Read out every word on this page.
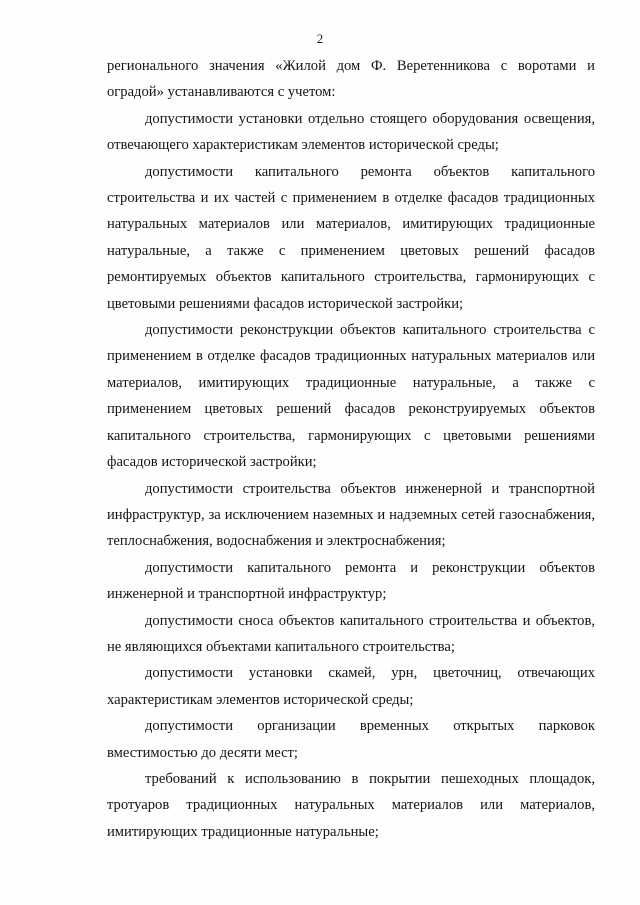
2

регионального значения «Жилой дом Ф. Веретенникова с воротами и оградой» устанавливаются с учетом:

допустимости установки отдельно стоящего оборудования освещения, отвечающего характеристикам элементов исторической среды;

допустимости капитального ремонта объектов капитального строительства и их частей с применением в отделке фасадов традиционных натуральных материалов или материалов, имитирующих традиционные натуральные, а также с применением цветовых решений фасадов ремонтируемых объектов капитального строительства, гармонирующих с цветовыми решениями фасадов исторической застройки;

допустимости реконструкции объектов капитального строительства с применением в отделке фасадов традиционных натуральных материалов или материалов, имитирующих традиционные натуральные, а также с применением цветовых решений фасадов реконструируемых объектов капитального строительства, гармонирующих с цветовыми решениями фасадов исторической застройки;

допустимости строительства объектов инженерной и транспортной инфраструктур, за исключением наземных и надземных сетей газоснабжения, теплоснабжения, водоснабжения и электроснабжения;

допустимости капитального ремонта и реконструкции объектов инженерной и транспортной инфраструктур;

допустимости сноса объектов капитального строительства и объектов, не являющихся объектами капитального строительства;

допустимости установки скамей, урн, цветочниц, отвечающих характеристикам элементов исторической среды;

допустимости организации временных открытых парковок вместимостью до десяти мест;

требований к использованию в покрытии пешеходных площадок, тротуаров традиционных натуральных материалов или материалов, имитирующих традиционные натуральные;
